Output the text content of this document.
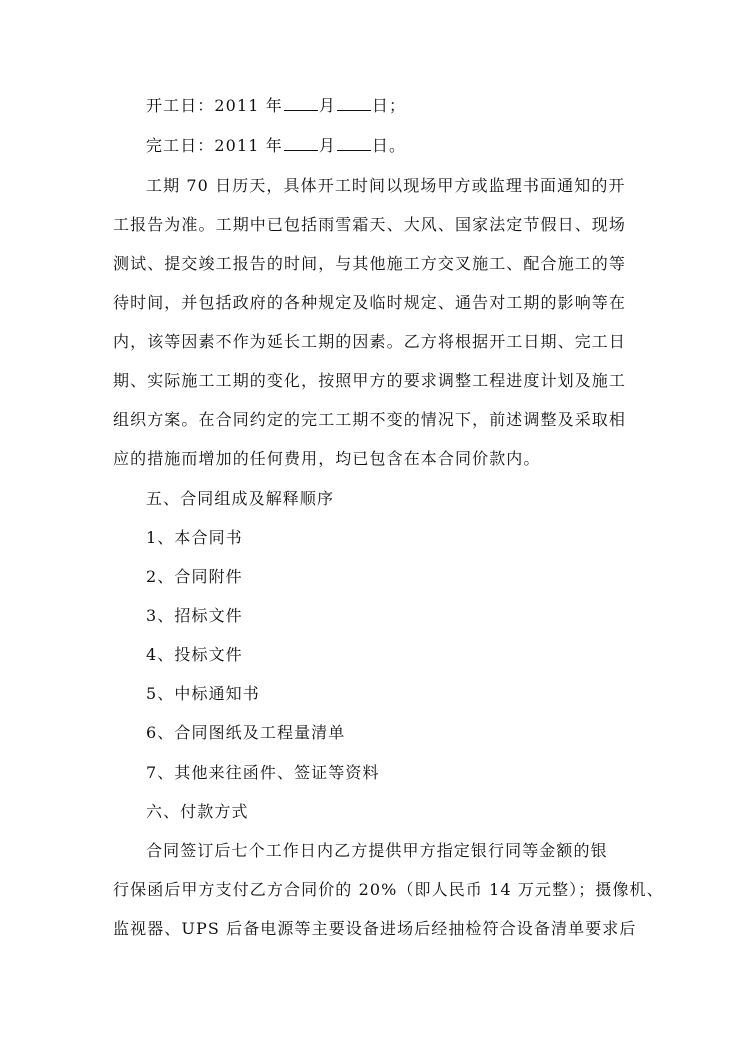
开工日：2011 年 月 日；
完工日：2011 年 月 日。
工期 70 日历天，具体开工时间以现场甲方或监理书面通知的开
工报告为准。工期中已包括雨雪霜天、大风、国家法定节假日、现场
测试、提交竣工报告的时间，与其他施工方交叉施工、配合施工的等
待时间，并包括政府的各种规定及临时规定、通告对工期的影响等在
内，该等因素不作为延长工期的因素。乙方将根据开工日期、完工日
期、实际施工工期的变化，按照甲方的要求调整工程进度计划及施工
组织方案。在合同约定的完工工期不变的情况下，前述调整及采取相
应的措施而增加的任何费用，均已包含在本合同价款内。
五、合同组成及解释顺序
1、本合同书
2、合同附件
3、招标文件
4、投标文件
5、中标通知书
6、合同图纸及工程量清单
7、其他来往函件、签证等资料
六、付款方式
合同签订后七个工作日内乙方提供甲方指定银行同等金额的银
行保函后甲方支付乙方合同价的 20%（即人民币 14 万元整）；摄像机、
监视器、UPS 后备电源等主要设备进场后经抽检符合设备清单要求后
